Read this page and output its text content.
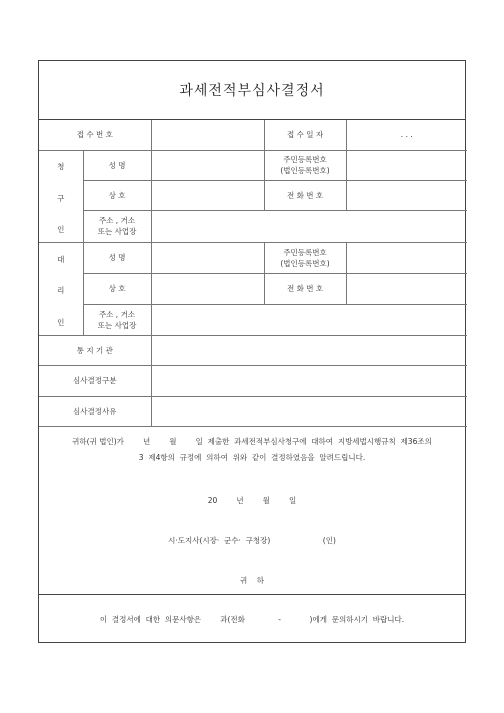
과세전적부심사결정서
접 수 번 호			접 수 일 자	. . .

청
구
인	성 명		주민등록번호
(법인등록번호)	
	상 호		전 화 번 호	
	주소 , 거소
또는 사업장			

대
리
인	성 명		주민등록번호
(법인등록번호)	
	상 호		전 화 번 호	
	주소 , 거소
또는 사업장			
통 지 기 관				
심사결정구분				
심사결정사유				
귀하(귀 법인)가        년        월        일  제출한  과세전적부심사청구에  대하여  지방세법시행규칙  제36조의
3  제4항의  규정에  의하여  위와  같이  결정하였음을  알려드립니다.
20        년        월        일
시·도지사(시장·  군수·  구청장)                      (인)
귀    하
이  결정서에  대한  의문사항은        과(전화              -            )에게  문의하시기  바랍니다.
